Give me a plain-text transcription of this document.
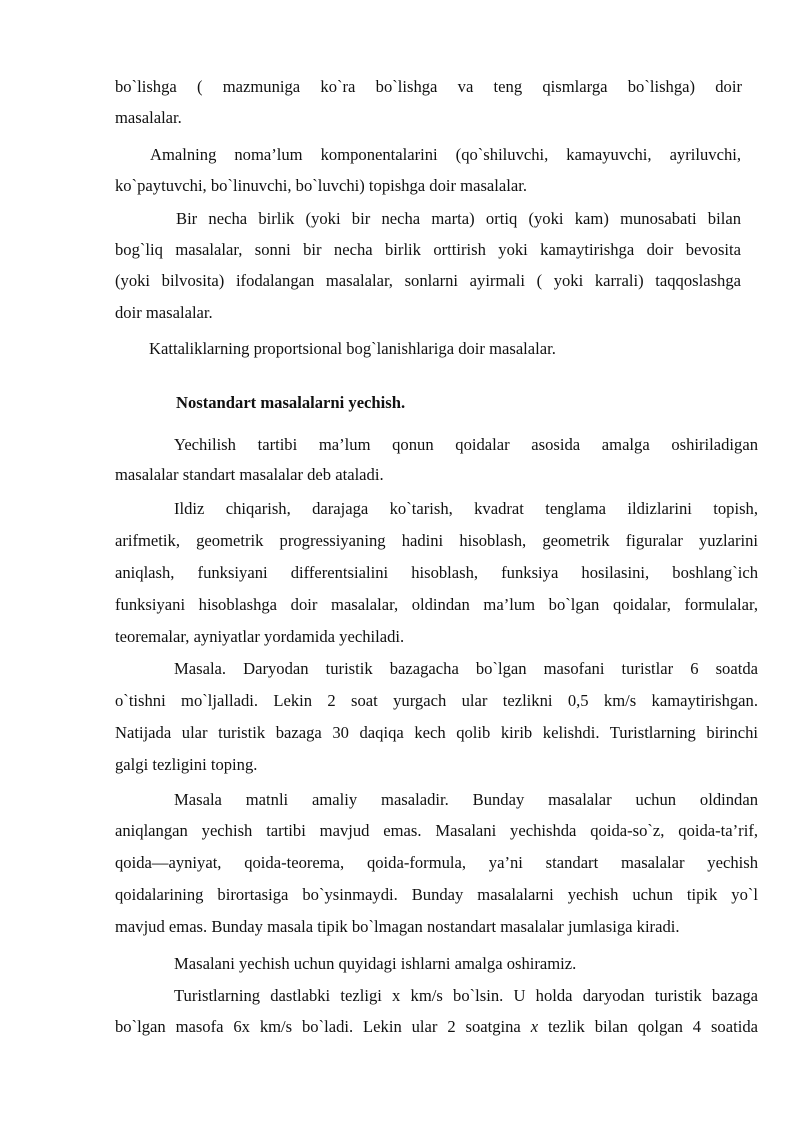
bo`lishga ( mazmuniga ko`ra bo`lishga va teng qismlarga bo`lishga) doir
masalalar.
Amalning noma’lum komponentalarini (qo`shiluvchi, kamayuvchi, ayriluvchi,
ko`paytuvchi, bo`linuvchi, bo`luvchi) topishga doir masalalar.
Bir necha birlik (yoki bir necha marta) ortiq (yoki kam) munosabati bilan
bog`liq masalalar, sonni bir necha birlik orttirish yoki kamaytirishga doir bevosita
(yoki bilvosita) ifodalangan masalalar, sonlarni ayirmali ( yoki karrali) taqqoslashga
doir masalalar.
Kattaliklarning proportsional bog`lanishlariga doir masalalar.
Nostandart masalalarni yechish.
Yechilish tartibi ma’lum qonun qoidalar asosida amalga oshiriladigan
masalalar standart masalalar deb ataladi.
Ildiz chiqarish, darajaga ko`tarish, kvadrat tenglama ildizlarini topish,
arifmetik, geometrik progressiyaning hadini hisoblash, geometrik figuralar yuzlarini
aniqlash, funksiyani differentsialini hisoblash, funksiya hosilasini, boshlang`ich
funksiyani hisoblashga doir masalalar, oldindan ma’lum bo`lgan qoidalar, formulalar,
teoremalar, ayniyatlar yordamida yechiladi.
Masala. Daryodan turistik bazagacha bo`lgan masofani turistlar 6 soatda
o`tishni mo`ljalladi. Lekin 2 soat yurgach ular tezlikni 0,5 km/s kamaytirishgan.
Natijada ular turistik bazaga 30 daqiqa kech qolib kirib kelishdi. Turistlarning birinchi
galgi tezligini toping.
Masala matnli amaliy masaladir. Bunday masalalar uchun oldindan
aniqlangan yechish tartibi mavjud emas. Masalani yechishda qoida-so`z, qoida-ta’rif,
qoida—ayniyat, qoida-teorema, qoida-formula, ya’ni standart masalalar yechish
qoidalarining birortasiga bo`ysinmaydi. Bunday masalalarni yechish uchun tipik yo`l
mavjud emas. Bunday masala tipik bo`lmagan nostandart masalalar jumlasiga kiradi.
Masalani yechish uchun quyidagi ishlarni amalga oshiramiz.
Turistlarning dastlabki tezligi x km/s bo`lsin. U holda daryodan turistik bazaga
bo`lgan masofa 6x km/s bo`ladi. Lekin ular 2 soatgina x tezlik bilan qolgan 4 soatida
